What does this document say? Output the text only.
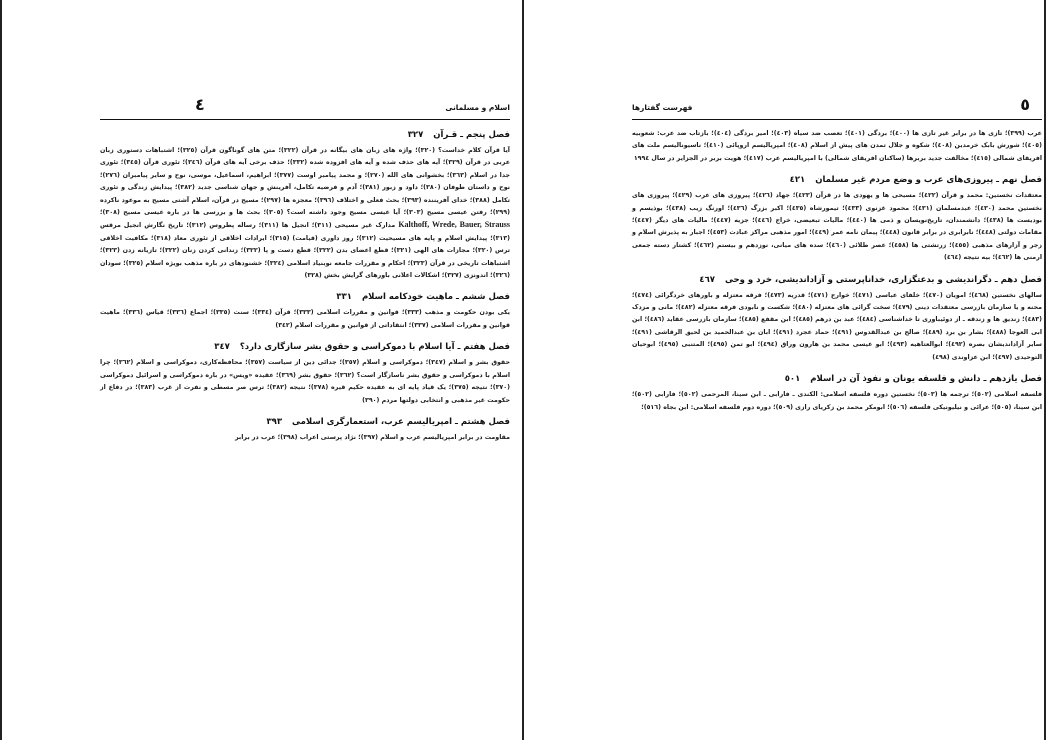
اسلام و مسلمانی
٤
فصل پنجم ـ قـرآن٣٢٧
آیا قرآن کلام خداست؟ (٣٢٠)؛ واژه های زبان های بیگانه در قرآن (٣٢٢)؛ متن های گوناگون قرآن (٣٢٥)؛ اشتباهات دستوری زبان عربی در قرآن (٣٢٩)؛ آیه های حذف شده و آیه های افزوده شده (٣٣٢)؛ حذف برخی آیه های قرآن (٣٤٦)؛ تئوری قرآن (٣٤٥)؛ تئوری جدا در اسلام (٣٦٣)؛ بخشوانی های الله (٢٧٠)؛ و محمد پیامبر اوست (٣٧٧)؛ ابراهیم، اسماعیل، موسی، نوح و سایر پیامبران (٢٧٦)؛ نوح و داستان طوفان (٣٨٠)؛ داود و زبور (٣٨١)؛ آدم و فرضیه تکامل، آفرینش و جهان شناسی جدید (٣٨٢)؛ پیدایش زندگی و تئوری تکامل (٣٨٨)؛ خدای آفریننده (٣٩٣)؛ بحث فعلی و اختلاف (٣٩٦)؛ معجزه ها (٢٩٧)؛ مسیح در قرآن، اسلام آشتی مسیح به موعود ناکرده (٢٩٩)؛ رفتن عیسی مسیح (٣٠٣)؛ آیا عیسی مسیح وجود داشته است؟ (٣٠٥)؛ بحث ها و بررسی ها در باره عیسی مسیح (٣٠٨)؛ Kalthoff, Wrede, Bauer, Strauss مدارک غیر مسیحی (٣١١)؛ انجیل ها (٣١١)؛ رساله پطروس (٣١٢)؛ تاریخ نگارش انجیل مرقس (٣١٣)؛ پیدایش اسلام و پایه های مسیحیت (٣١٢)؛ روز داوری (قیامت) (٣١٥)؛ ایرادات اخلاقی از تئوری معاد (٣١٨)؛ مکافیت اخلاقی ترس (٣٢٠)؛ مجازات های الهی (٣٢١)؛ قطع اعضای بدن (٣٢٢)؛ قطع دست و پا (٣٢٢)؛ زندانی کردن زنان (٣٢٢)؛ تازیانه زدن (٣٢٣)؛ اشتباهات تاریخی در قرآن (٣٢٣)؛ احکام و مقررات جامعه نوبنیاد اسلامی (٣٢٤)؛ خشنودهای در باره مذهب بویژه اسلام (٣٢٥)؛ سودان (٣٢٦)؛ اندونزی (٣٢٧)؛ اشکالات اعلانی باورهای گرایش بخش (٣٢٨)
فصل ششم ـ ماهیت خودکامه اسلام٣٣١
یکی بودن حکومت و مذهب (٣٣٣)؛ قوانین و مقررات اسلامی (٣٣٣)؛ قرآن (٣٣٤)؛ سنت (٣٣٥)؛ اجماع (٣٣٦)؛ قیاس (٣٣٦)؛ ماهیت قوانین و مقررات اسلامی (٣٣٧)؛ انتقاداتی از قوانین و مقررات اسلام (٣٤٢)
فصل هفتم ـ آیا اسلام با دموکراسی و حقوق بشر سازگاری دارد؟٣٤٧
حقوق بشر و اسلام (٣٤٧)؛ دموکراسی و اسلام (٣٥٧)؛ جدائی دین از سیاست (٣٥٧)؛ محافظه‌کاری، دموکراسی و اسلام (٣٦٢)؛ چرا اسلام با دموکراسی و حقوق بشر ناسازگار است؟ (٣٦٢)؛ حقوق بشر (٣٦٩)؛ عقیده «ویس» در باره دموکراسی و اسرائیل دموکراسی (٣٧٠)؛ نتیجه (٣٧٥)؛ یک قیاد پایه ای به عقیده حکیم قیره (٣٧٨)؛ نتیجه (٣٨٢)؛ ترس صر مسطی و نفرت از غرب (٣٨٣)؛ در دفاع از حکومت غیر مذهبی و انتخابی دولتها مردم (٣٩٠)
فصل هشتم ـ امپریالیسم عرب، استعمارگری اسلامی٣٩٣
مقاومت در برابر امپریالیسم عرب و اسلام (٣٩٧)؛ نژاد پرستی اعراب (٣٩٨)؛ عرب در برابر
فهرست گفتارها	٥
عرب (٣٩٩)؛ تازی ها در برابر غیر تازی ها (٤٠٠)؛ بردگی (٤٠١)؛ تعصب ضد سیاه (٤٠٣)؛ امیر بردگی (٤٠٤)؛ بازتاب ضد عرب: شعوبیه (٤٠٥)؛ شورش بابک خرمدین (٤٠٨)؛ شکوه و جلال تمدن های پیش از اسلام (٤٠٨)؛ امپریالیسم اروپائی (٤١٠)؛ ناسیونالیسم ملت های افریقای شمالی (٤١٥)؛ مخالفت جدید بربرها (ساکنان افریقای شمالی) با امپریالیسم عرب (٤١٧)؛ هویت بربر در الجزایر در سال ١٩٩٤
فصل نهم ـ پیروزی‌های عرب و وضع مردم غیر مسلمان٤٢١
معتقدات نخستین: محمد و قرآن (٤٢٢)؛ مسیحی ها و یهودی ها در قرآن (٤٢٣)؛ جهاد (٤٢٦)؛ پیروزی های عرب (٤٢٩)؛ پیروزی های نخستین محمد (٤٣٠)؛ عبدمسلمان (٤٣١)؛ محمود غزنوی (٤٣٣)؛ تیمورشاه (٤٣٥)؛ اکبر بزرگ (٤٣٦)؛ اورنگ زیب (٤٣٨)؛ بوذیسم و بودیست ها (٤٣٨)؛ دانشمندان، تاریخ‌نویسان و ذمی ها (٤٤٠)؛ مالیات تبعیضی، خراج (٤٤٦)؛ جزیه (٤٤٧)؛ مالیات های دیگر (٤٤٧)؛ مقامات دولتی (٤٤٨)؛ نابرابری در برابر قانون (٤٤٨)؛ پیمان نامه عمر (٤٤٩)؛ امور مذهبی مراکز عبادت (٤٥٣)؛ اجبار به پذیرش اسلام و زجر و آزارهای مذهبی (٤٥٥)؛ زرتشتی ها (٤٥٨)؛ عصر طلائی (٤٦٠)؛ سده های میانی، نوزدهم و بیستم (٤٦٢)؛ کشتار دسته جمعی ارمنی ها (٤٦٢)؛ بیه نتیجه (٤٦٤)
فصل دهم ـ دگراندیشی و بدعتگزاری، خداناپرستی و آزاداندیشی، خرد و وحی٤٦٧
سالهای نخستین (٤٦٨)؛ امویان (٤٧٠)؛ خلفای عباسی (٤٧١)؛ خوارج (٤٧١)؛ قدریه (٤٧٣)؛ فرقه معتزله و باورهای خردگرائی (٤٧٤)؛ محنه و یا سازمان بازرسی معتقدات دینی (٤٧٩)؛ سخت گرائی های معتزله (٤٨٠)؛ شکست و نابودی فرقه معتزله (٤٨٢)؛ مانی و مزدک (٤٨٣)؛ زندیق ها و زندقه ـ از دوئیباوری تا خداشناسی (٤٨٤)؛ عبد بن درهم (٤٨٥)؛ ابن مقفع (٤٨٥)؛ سازمان بازرسی عقاید (٤٨٦)؛ ابن ابی العوجا (٤٨٨)؛ بشار بن برد (٤٨٩)؛ صالح بن عبدالقدوس (٤٩١)؛ حماد عجرد (٤٩١)؛ ابان بن عبدالحمید بن لحیق الرقاشی (٤٩١)؛ سایر آزاداندیشان بصره (٤٩٢)؛ ابوالعتاهیه (٤٩٣)؛ ابو عیسی محمد بن هارون وراق (٤٩٤)؛ ابو تمن (٤٩٥)؛ المتنبی (٤٩٥)؛ ابوحیان التوحیدی (٤٩٧)؛ ابن عزاوندی (٤٩٨)
فصل یازدهم ـ دانش و فلسفه یونان و نفوذ آن در اسلام٥٠١
فلسفه اسلامی (٥٠٢)؛ ترجمه ها (٥٠٣)؛ نخستین دوره فلسفه اسلامی: الکندی ـ فارابی ـ ابن سینا، المرحمی (٥٠٢)؛ فارابی (٥٠٢)؛ ابن سینا، (٥٠٥)؛ عرائی و نیلیونیکی فلسفه (٥٠٦)؛ ابومکر محمد بن زکریای رازی (٥٠٩)؛ دوره دوم فلسفه اسلامی: ابن بجاه (٥١٦)؛
